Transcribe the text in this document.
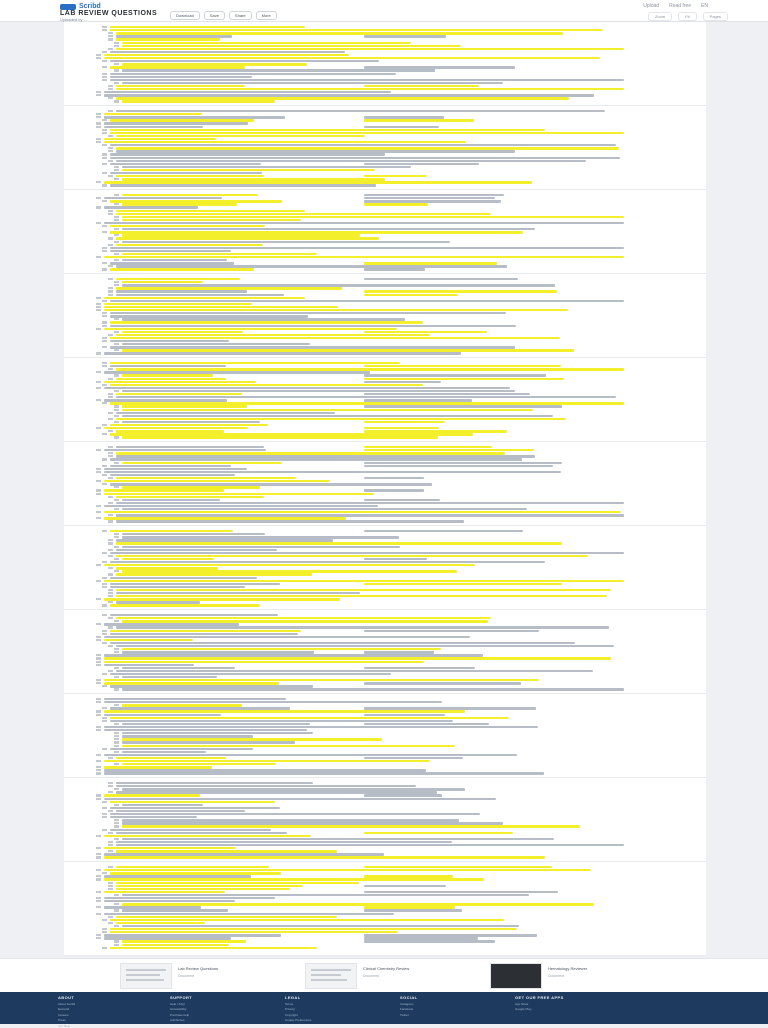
Scribd
LAB REVIEW QUESTIONS
Uploaded by ...
Download	Save	Share	More
Upload Read free EN
Zoom	Fit	Pages
Lab Review Questions
Document
Clinical Chemistry Review
Document
Hematology Reviewer
Document
ABOUT
About Scribd
Everand
Careers
Press
Our blog
SUPPORT
Help / FAQ
Accessibility
Purchase help
AdChoices
LEGAL
Terms
Privacy
Copyright
Cookie Preferences
SOCIAL
Instagram
Facebook
Twitter
GET OUR FREE APPS
App Store
Google Play
